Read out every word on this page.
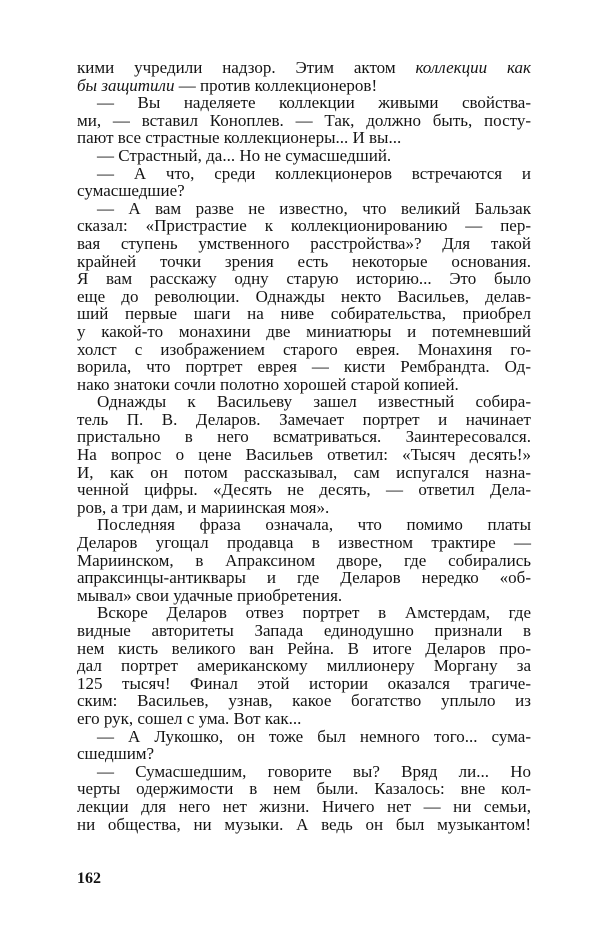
кими учредили надзор. Этим актом коллекции как
бы защитили — против коллекционеров!
— Вы наделяете коллекции живыми свойства-
ми, — вставил Коноплев. — Так, должно быть, посту-
пают все страстные коллекционеры... И вы...
— Страстный, да... Но не сумасшедший.
— А что, среди коллекционеров встречаются и
сумасшедшие?
— А вам разве не известно, что великий Бальзак
сказал: «Пристрастие к коллекционированию — пер-
вая ступень умственного расстройства»? Для такой
крайней точки зрения есть некоторые основания.
Я вам расскажу одну старую историю... Это было
еще до революции. Однажды некто Васильев, делав-
ший первые шаги на ниве собирательства, приобрел
у какой-то монахини две миниатюры и потемневший
холст с изображением старого еврея. Монахиня го-
ворила, что портрет еврея — кисти Рембрандта. Од-
нако знатоки сочли полотно хорошей старой копией.
Однажды к Васильеву зашел известный собира-
тель П. В. Деларов. Замечает портрет и начинает
пристально в него всматриваться. Заинтересовался.
На вопрос о цене Васильев ответил: «Тысяч десять!»
И, как он потом рассказывал, сам испугался назна-
ченной цифры. «Десять не десять, — ответил Дела-
ров, а три дам, и мариинская моя».
Последняя фраза означала, что помимо платы
Деларов угощал продавца в известном трактире —
Мариинском, в Апраксином дворе, где собирались
апраксинцы-антиквары и где Деларов нередко «об-
мывал» свои удачные приобретения.
Вскоре Деларов отвез портрет в Амстердам, где
видные авторитеты Запада единодушно признали в
нем кисть великого ван Рейна. В итоге Деларов про-
дал портрет американскому миллионеру Моргану за
125 тысяч! Финал этой истории оказался трагиче-
ским: Васильев, узнав, какое богатство уплыло из
его рук, сошел с ума. Вот как...
— А Лукошко, он тоже был немного того... сума-
сшедшим?
— Сумасшедшим, говорите вы? Вряд ли... Но
черты одержимости в нем были. Казалось: вне кол-
лекции для него нет жизни. Ничего нет — ни семьи,
ни общества, ни музыки. А ведь он был музыкантом!
162
